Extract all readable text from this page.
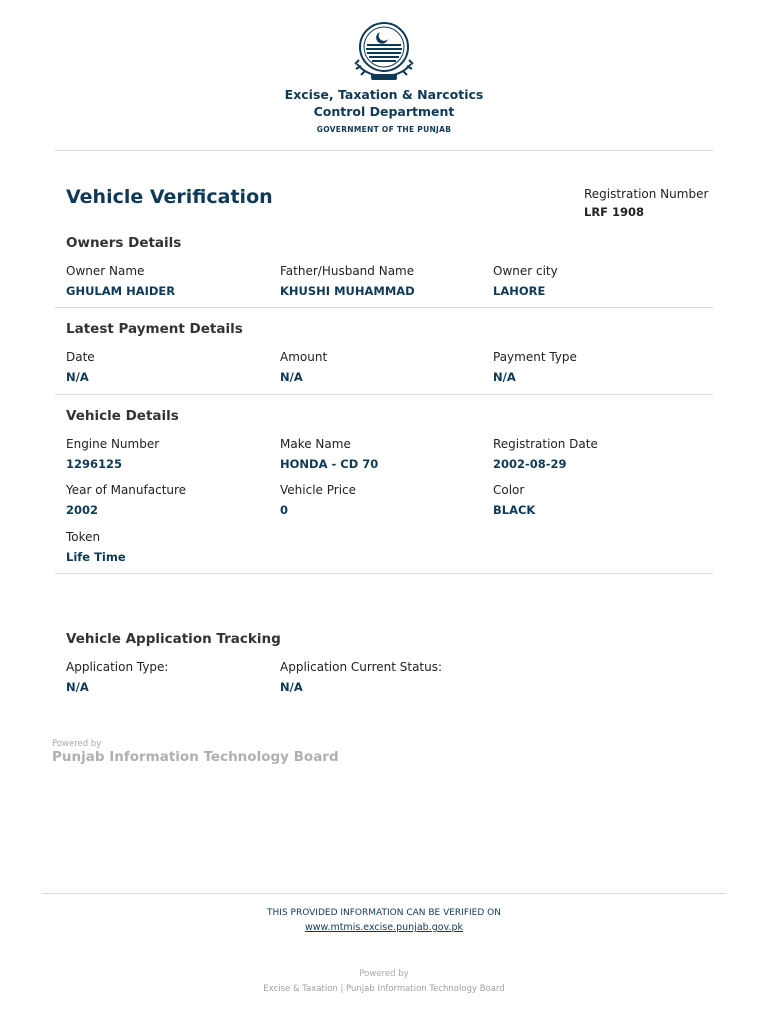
Excise, Taxation & Narcotics
Control Department
GOVERNMENT OF THE PUNJAB
Vehicle Verification	Registration Number
LRF 1908
Owners Details
Owner Name
GHULAM HAIDER
Father/Husband Name
KHUSHI MUHAMMAD
Owner city
LAHORE
Latest Payment Details
Date
N/A
Amount
N/A
Payment Type
N/A
Vehicle Details
Engine Number
1296125
Make Name
HONDA - CD 70
Registration Date
2002-08-29
Year of Manufacture
2002
Vehicle Price
0
Color
BLACK
Token
Life Time
Vehicle Application Tracking
Application Type:
N/A
Application Current Status:
N/A
Powered by
Punjab Information Technology Board
THIS PROVIDED INFORMATION CAN BE VERIFIED ON
www.mtmis.excise.punjab.gov.pk
Powered by
Excise & Taxation | Punjab Information Technology Board
